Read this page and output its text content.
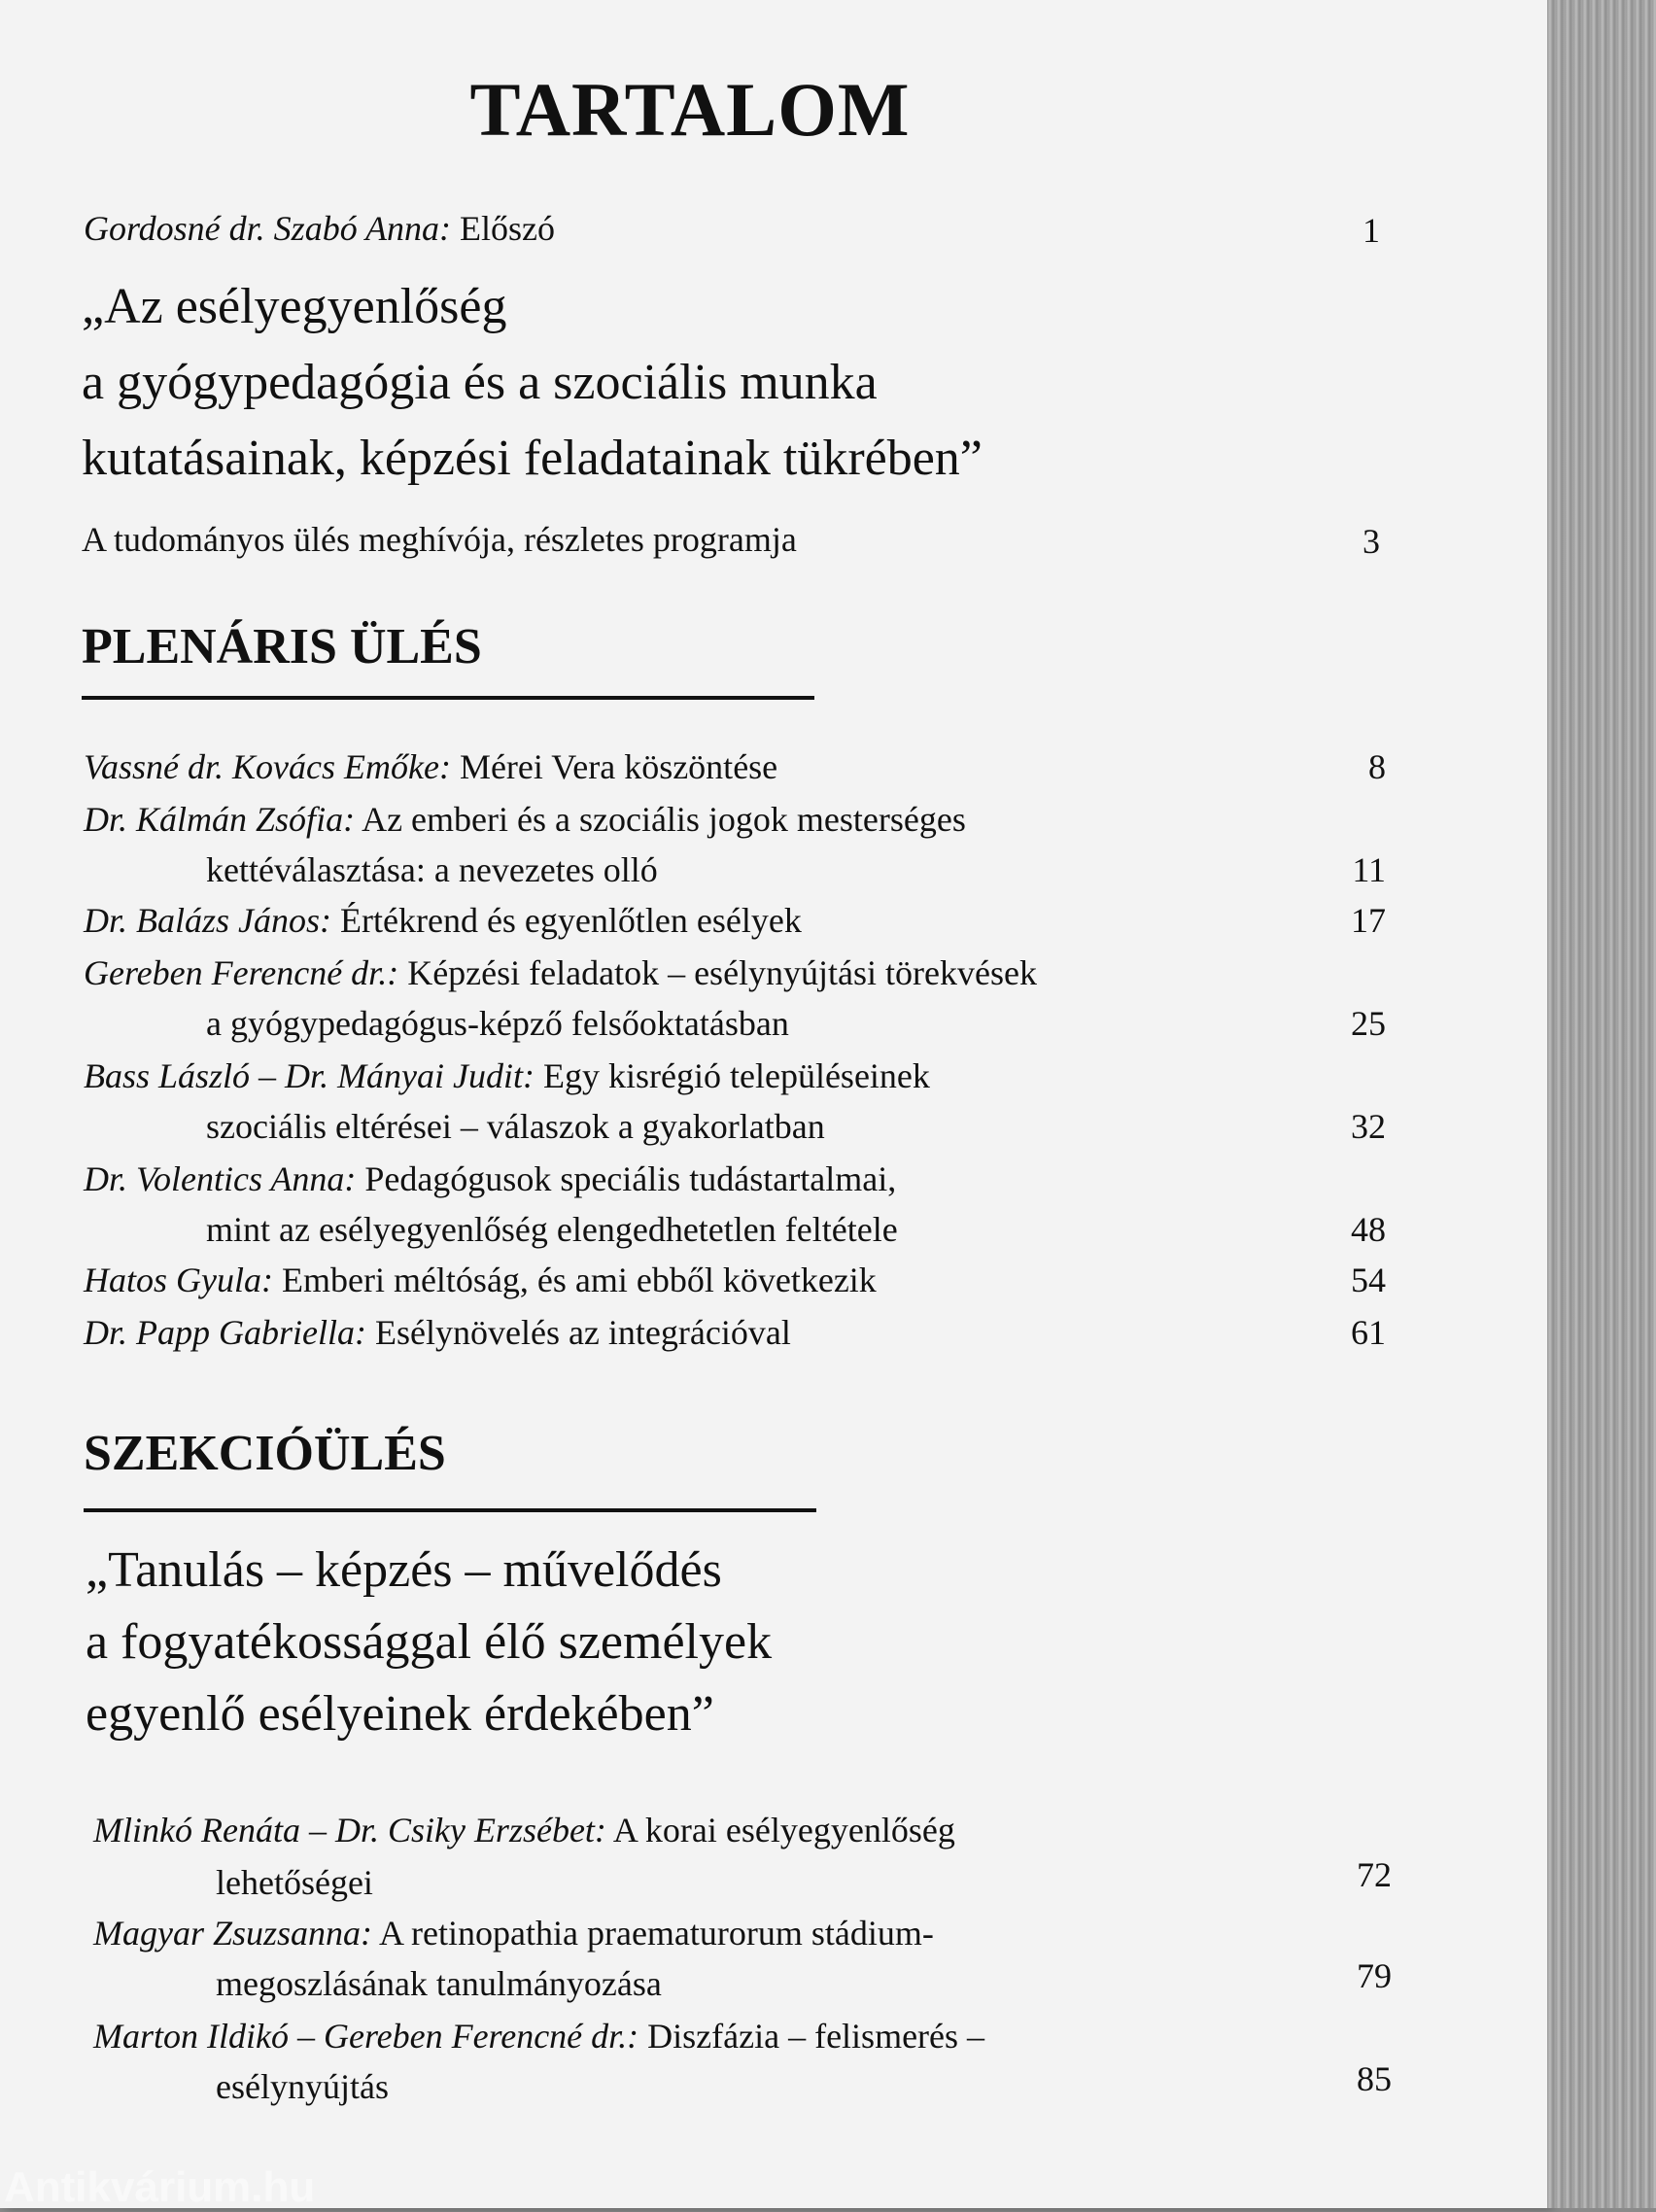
TARTALOM
Gordosné dr. Szabó Anna: Előszó	1
„Az esélyegyenlőség
a gyógypedagógia és a szociális munka
kutatásainak, képzési feladatainak tükrében”
A tudományos ülés meghívója, részletes programja	3
PLENÁRIS ÜLÉS
Vassné dr. Kovács Emőke: Mérei Vera köszöntése	8
Dr. Kálmán Zsófia: Az emberi és a szociális jogok mesterséges
kettéválasztása: a nevezetes olló	11
Dr. Balázs János: Értékrend és egyenlőtlen esélyek	17
Gereben Ferencné dr.: Képzési feladatok – esélynyújtási törekvések
a gyógypedagógus-képző felsőoktatásban	25
Bass László – Dr. Mányai Judit: Egy kisrégió településeinek
szociális eltérései – válaszok a gyakorlatban	32
Dr. Volentics Anna: Pedagógusok speciális tudástartalmai,
mint az esélyegyenlőség elengedhetetlen feltétele	48
Hatos Gyula: Emberi méltóság, és ami ebből következik	54
Dr. Papp Gabriella: Esélynövelés az integrációval	61
SZEKCIÓÜLÉS
„Tanulás – képzés – művelődés
a fogyatékossággal élő személyek
egyenlő esélyeinek érdekében”
Mlinkó Renáta – Dr. Csiky Erzsébet: A korai esélyegyenlőség
lehetőségei	72
Magyar Zsuzsanna: A retinopathia praematurorum stádium-
megoszlásának tanulmányozása	79
Marton Ildikó – Gereben Ferencné dr.: Diszfázia – felismerés –
esélynyújtás	85
Antikvárium.hu
